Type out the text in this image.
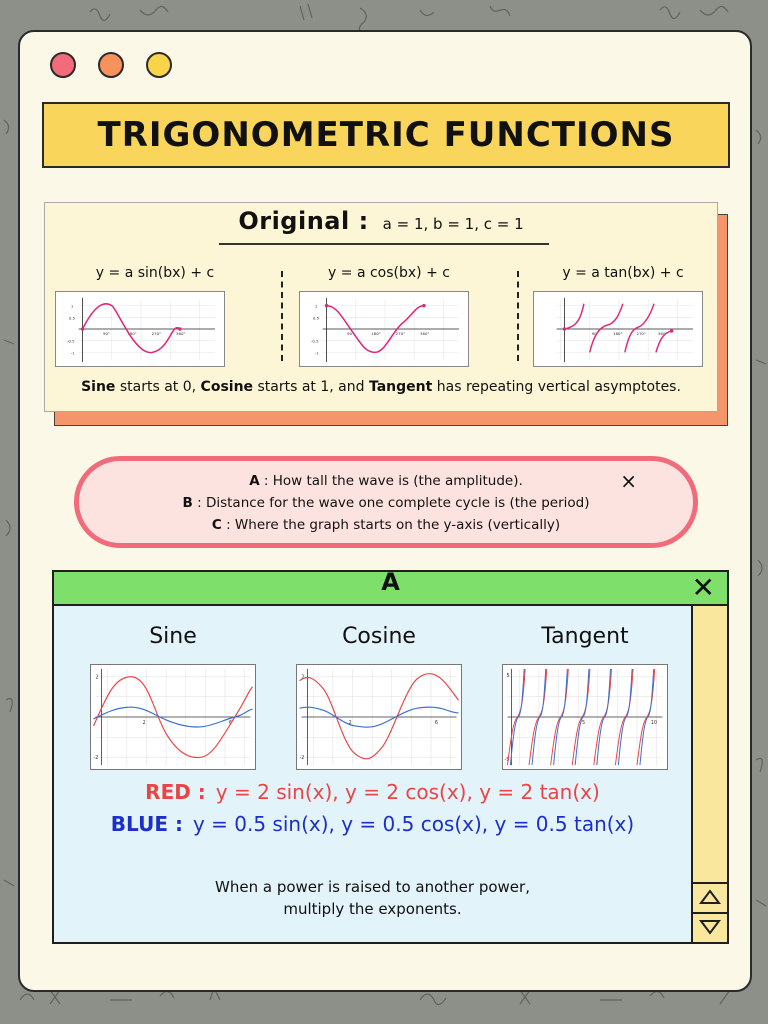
TRIGONOMETRIC FUNCTIONS
Original : a = 1, b = 1, c = 1
y = a sin(bx) + c	y = a cos(bx) + c	y = a tan(bx) + c
1
0.5
-0.5
-1
90°	180°	270°	360°
1
0.5
-0.5
-1
90°	180°	270°	360°	90°	180°	270°	360°
Sine starts at 0, Cosine starts at 1, and Tangent has repeating vertical asymptotes.
A : How tall the wave is (the amplitude).
B : Distance for the wave one complete cycle is (the period)
C : Where the graph starts on the y-axis (vertically)
×
A	✕
Sine	Cosine	Tangent
2
-2
2	6
2
-2
2	6
5
-5
5	10
RED : y = 2 sin(x), y = 2 cos(x), y = 2 tan(x)
BLUE : y = 0.5 sin(x), y = 0.5 cos(x), y = 0.5 tan(x)
When a power is raised to another power,
multiply the exponents.
